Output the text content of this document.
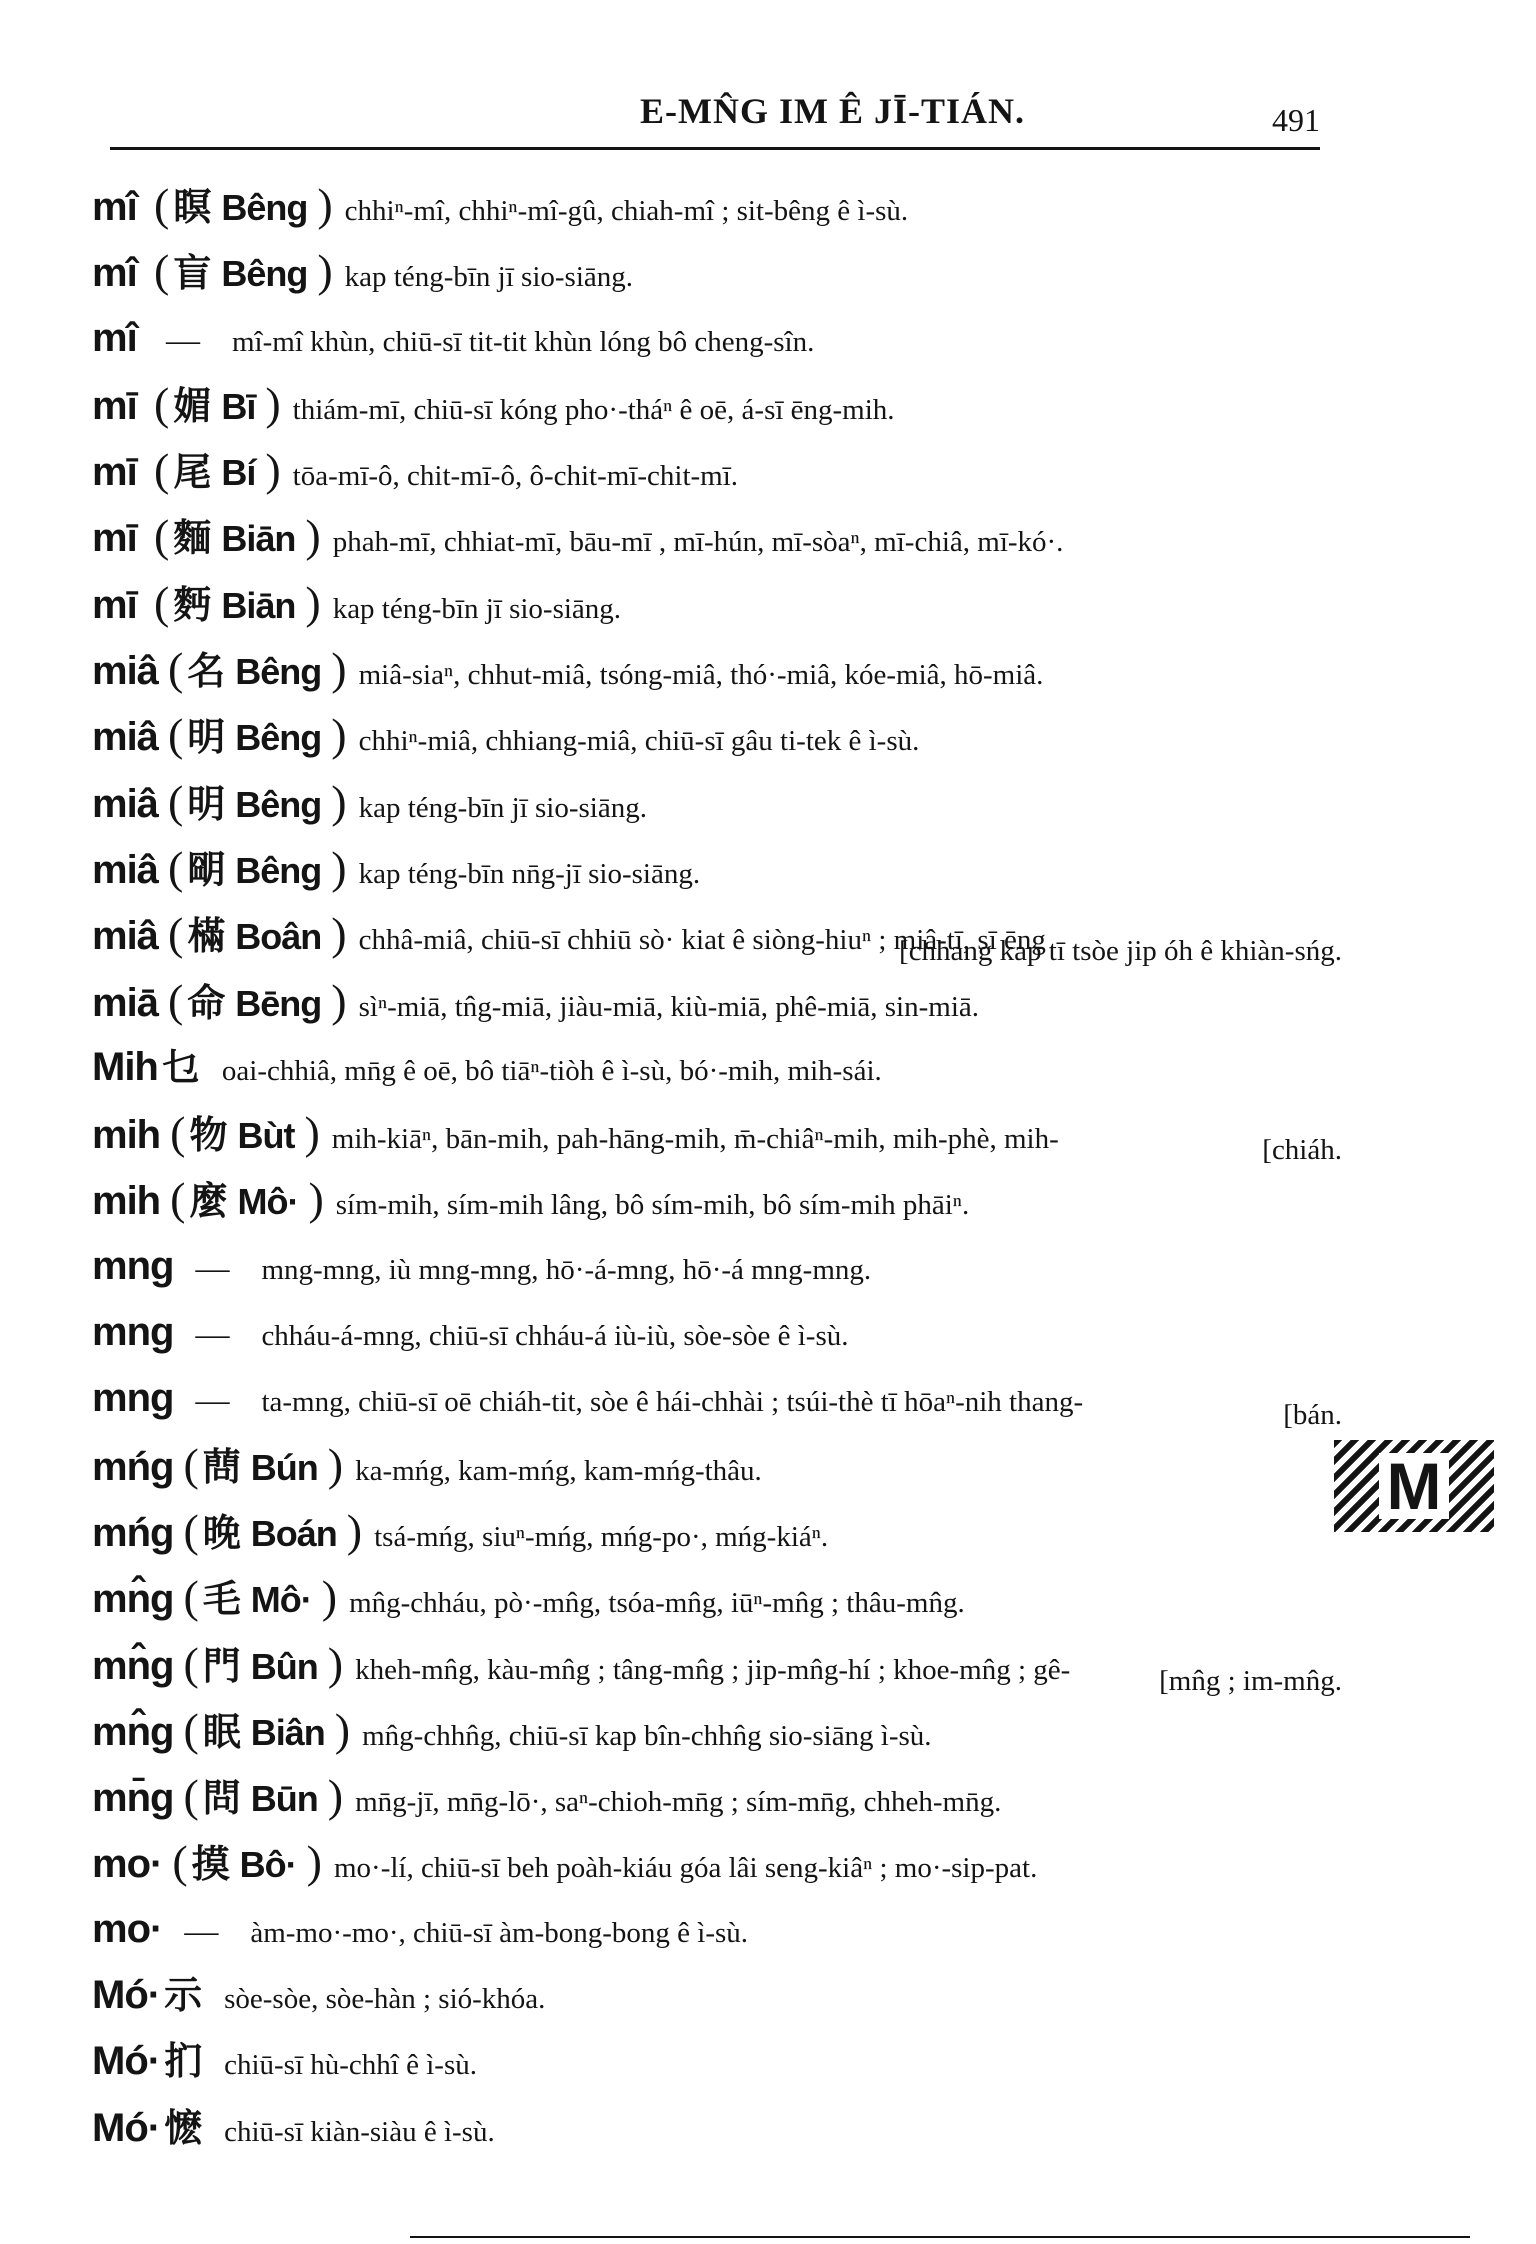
E-MN̂G IM Ê JĪ-TIÁN.	491
mî ( 瞑 Bêng ) chhiⁿ-mî, chhiⁿ-mî-gû, chiah-mî ; sit-bêng ê ì-sù.
mî ( 盲 Bêng ) kap téng-bīn jī sio-siāng.
mî — mî-mî khùn, chiū-sī tit-tit khùn lóng bô cheng-sîn.
mī ( 媚 Bī ) thiám-mī, chiū-sī kóng pho·-tháⁿ ê oē, á-sī ēng-mih.
mī ( 尾 Bí ) tōa-mī-ô, chit-mī-ô, ô-chit-mī-chit-mī.
mī ( 麵 Biān ) phah-mī, chhiat-mī, bāu-mī , mī-hún, mī-sòaⁿ, mī-chiâ, mī-kó·.
mī ( 麪 Biān ) kap téng-bīn jī sio-siāng.
miâ ( 名 Bêng ) miâ-siaⁿ, chhut-miâ, tsóng-miâ, thó·-miâ, kóe-miâ, hō-miâ.
miâ ( 明 Bêng ) chhiⁿ-miâ, chhiang-miâ, chiū-sī gâu ti-tek ê ì-sù.
miâ ( 明 Bêng ) kap téng-bīn jī sio-siāng.
miâ ( 朙 Bêng ) kap téng-bīn nn̄g-jī sio-siāng.
miâ ( 樠 Boân ) chhâ-miâ, chiū-sī chhiū sò· kiat ê siòng-hiuⁿ ; miâ-tī, sī ēng
[chhang kap tī tsòe jip óh ê khiàn-sńg.
miā ( 命 Bēng ) sìⁿ-miā, tn̂g-miā, jiàu-miā, kiù-miā, phê-miā, sin-miā.
Mih 乜 oai-chhiâ, mn̄g ê oē, bô tiāⁿ-tiòh ê ì-sù, bó·-mih, mih-sái.
mih ( 物 Bùt ) mih-kiāⁿ, bān-mih, pah-hāng-mih, m̄-chiâⁿ-mih, mih-phè, mih-	[chiáh.
mih ( 麼 Mô· ) sím-mih, sím-mih lâng, bô sím-mih, bô sím-mih phāiⁿ.
mng — mng-mng, iù mng-mng, hō·-á-mng, hō·-á mng-mng.
mng — chháu-á-mng, chiū-sī chháu-á iù-iù, sòe-sòe ê ì-sù.
mng — ta-mng, chiū-sī oē chiáh-tit, sòe ê hái-chhài ; tsúi-thè tī hōaⁿ-nih thang-	[bán.
mńg ( 蔄 Bún ) ka-mńg, kam-mńg, kam-mńg-thâu.
mńg ( 晚 Boán ) tsá-mńg, siuⁿ-mńg, mńg-po·, mńg-kiáⁿ.
mn̂g ( 毛 Mô· ) mn̂g-chháu, pò·-mn̂g, tsóa-mn̂g, iūⁿ-mn̂g ; thâu-mn̂g.
mn̂g ( 門 Bûn ) kheh-mn̂g, kàu-mn̂g ; tâng-mn̂g ; jip-mn̂g-hí ; khoe-mn̂g ; gê-	[mn̂g ; im-mn̂g.
mn̂g ( 眠 Biân ) mn̂g-chhn̂g, chiū-sī kap bîn-chhn̂g sio-siāng ì-sù.
mn̄g ( 問 Būn ) mn̄g-jī, mn̄g-lō·, saⁿ-chioh-mn̄g ; sím-mn̄g, chheh-mn̄g.
mo· ( 摸 Bô· ) mo·-lí, chiū-sī beh poàh-kiáu góa lâi seng-kiâⁿ ; mo·-sip-pat.
mo· — àm-mo·-mo·, chiū-sī àm-bong-bong ê ì-sù.
Mó· 示 sòe-sòe, sòe-hàn ; sió-khóa.
Mó· 扪 chiū-sī hù-chhî ê ì-sù.
Mó· 懡 chiū-sī kiàn-siàu ê ì-sù.
M
